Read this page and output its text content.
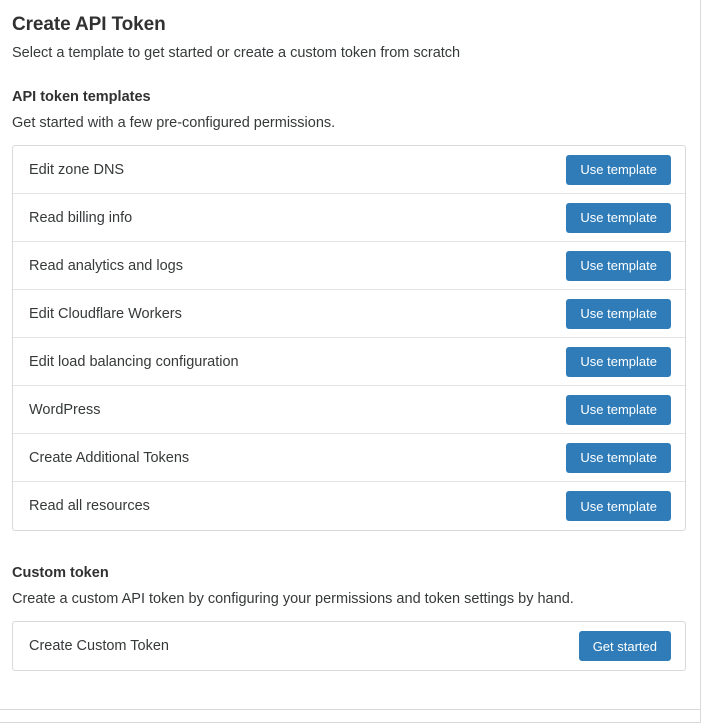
Create API Token

Select a template to get started or create a custom token from scratch

API token templates

Get started with a few pre-configured permissions.

Edit zone DNS	Use template
Read billing info	Use template
Read analytics and logs	Use template
Edit Cloudflare Workers	Use template
Edit load balancing configuration	Use template
WordPress	Use template
Create Additional Tokens	Use template
Read all resources	Use template
Custom token

Create a custom API token by configuring your permissions and token settings by hand.

Create Custom Token	Get started
